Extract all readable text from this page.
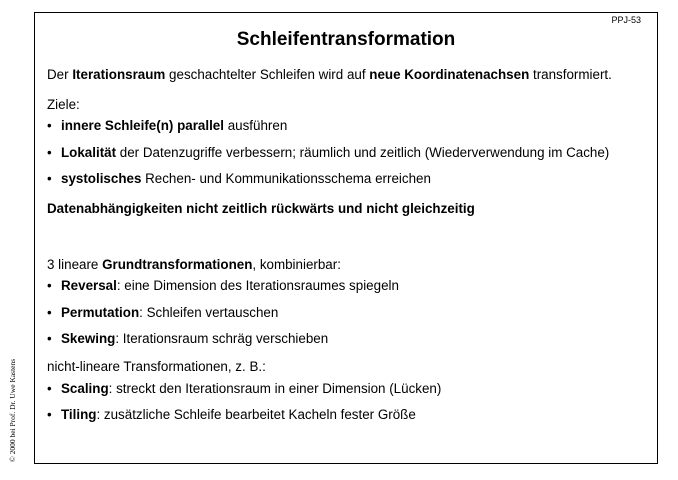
© 2000 bei Prof. Dr. Uwe Kastens
PPJ-53
Schleifentransformation
Der Iterationsraum geschachtelter Schleifen wird auf neue Koordinatenachsen transformiert.
Ziele:
• innere Schleife(n) parallel ausführen
• Lokalität der Datenzugriffe verbessern; räumlich und zeitlich (Wiederverwendung im Cache)
• systolisches Rechen- und Kommunikationsschema erreichen
Datenabhängigkeiten nicht zeitlich rückwärts und nicht gleichzeitig
3 lineare Grundtransformationen, kombinierbar:
• Reversal: eine Dimension des Iterationsraumes spiegeln
• Permutation: Schleifen vertauschen
• Skewing: Iterationsraum schräg verschieben
nicht-lineare Transformationen, z. B.:
• Scaling: streckt den Iterationsraum in einer Dimension (Lücken)
• Tiling: zusätzliche Schleife bearbeitet Kacheln fester Größe
